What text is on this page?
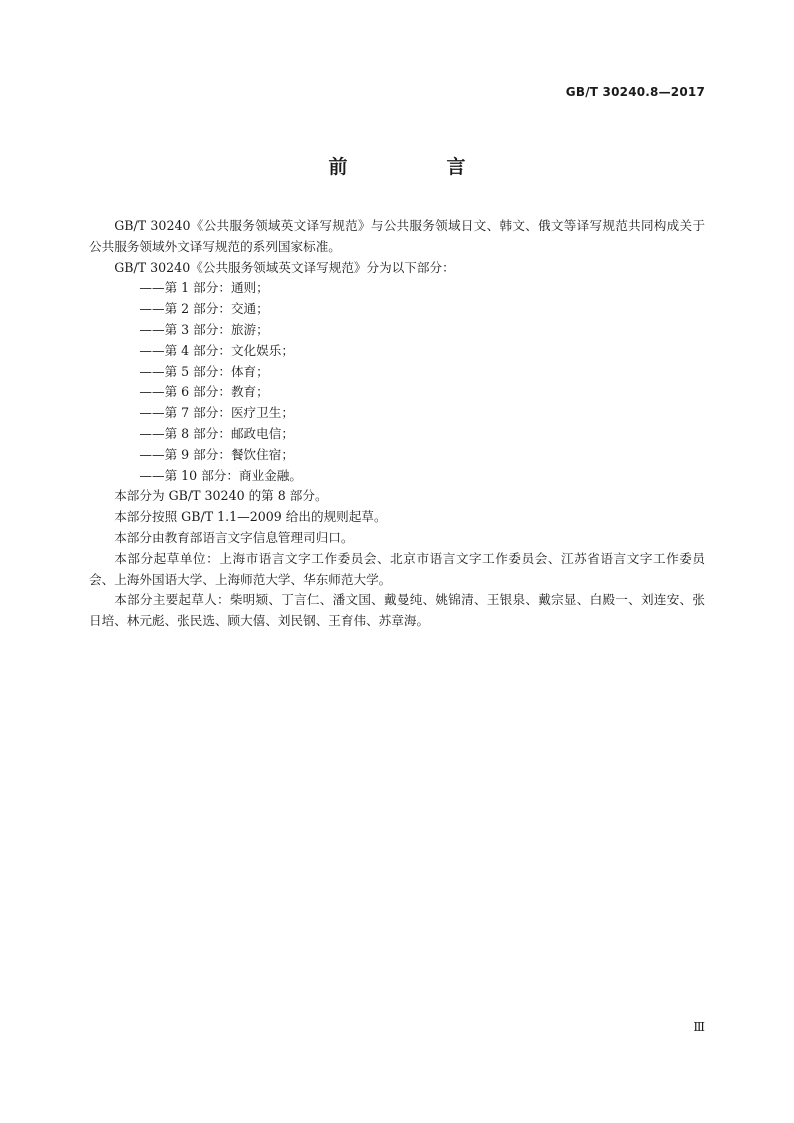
GB/T 30240.8—2017
前　言

GB/T 30240《公共服务领域英文译写规范》与公共服务领域日文、韩文、俄文等译写规范共同构成关于公共服务领域外文译写规范的系列国家标准。

GB/T 30240《公共服务领域英文译写规范》分为以下部分：

——第 1 部分：通则；

——第 2 部分：交通；

——第 3 部分：旅游；

——第 4 部分：文化娱乐；

——第 5 部分：体育；

——第 6 部分：教育；

——第 7 部分：医疗卫生；

——第 8 部分：邮政电信；

——第 9 部分：餐饮住宿；

——第 10 部分：商业金融。

本部分为 GB/T 30240 的第 8 部分。

本部分按照 GB/T 1.1—2009 给出的规则起草。

本部分由教育部语言文字信息管理司归口。

本部分起草单位：上海市语言文字工作委员会、北京市语言文字工作委员会、江苏省语言文字工作委员会、上海外国语大学、上海师范大学、华东师范大学。

本部分主要起草人：柴明颎、丁言仁、潘文国、戴曼纯、姚锦清、王银泉、戴宗显、白殿一、刘连安、张日培、林元彪、张民选、顾大僖、刘民钢、王育伟、苏章海。

Ⅲ
